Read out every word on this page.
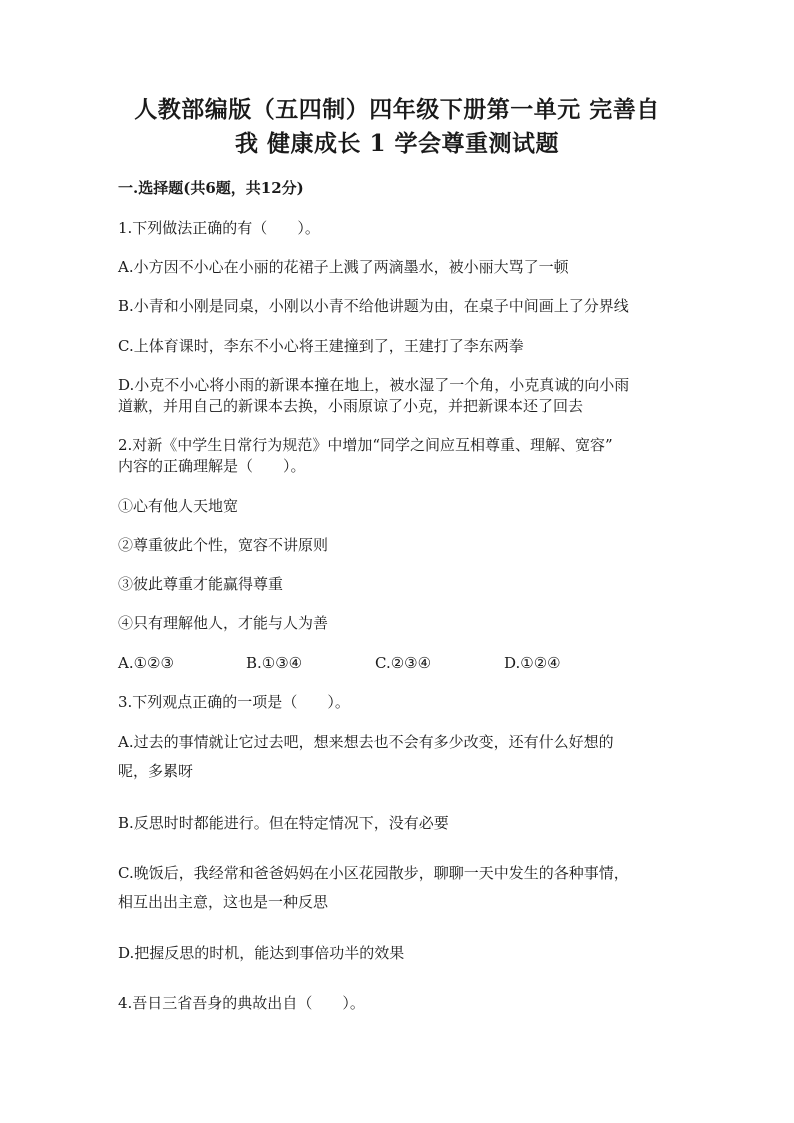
人教部编版（五四制）四年级下册第一单元 完善自
我 健康成长 1 学会尊重测试题
一.选择题(共6题，共12分)
1.下列做法正确的有（　　）。
A.小方因不小心在小丽的花裙子上溅了两滴墨水，被小丽大骂了一顿
B.小青和小刚是同桌，小刚以小青不给他讲题为由，在桌子中间画上了分界线
C.上体育课时，李东不小心将王建撞到了，王建打了李东两拳
D.小克不小心将小雨的新课本撞在地上，被水湿了一个角，小克真诚的向小雨
道歉，并用自己的新课本去换，小雨原谅了小克，并把新课本还了回去
2.对新《中学生日常行为规范》中增加“同学之间应互相尊重、理解、宽容”
内容的正确理解是（　　）。
①心有他人天地宽
②尊重彼此个性，宽容不讲原则
③彼此尊重才能赢得尊重
④只有理解他人，才能与人为善
A.①②③	B.①③④	C.②③④	D.①②④
3.下列观点正确的一项是（　　）。
A.过去的事情就让它过去吧，想来想去也不会有多少改变，还有什么好想的
呢，多累呀
B.反思时时都能进行。但在特定情况下，没有必要
C.晚饭后，我经常和爸爸妈妈在小区花园散步，聊聊一天中发生的各种事情，
相互出出主意，这也是一种反思
D.把握反思的时机，能达到事倍功半的效果
4.吾日三省吾身的典故出自（　　）。
